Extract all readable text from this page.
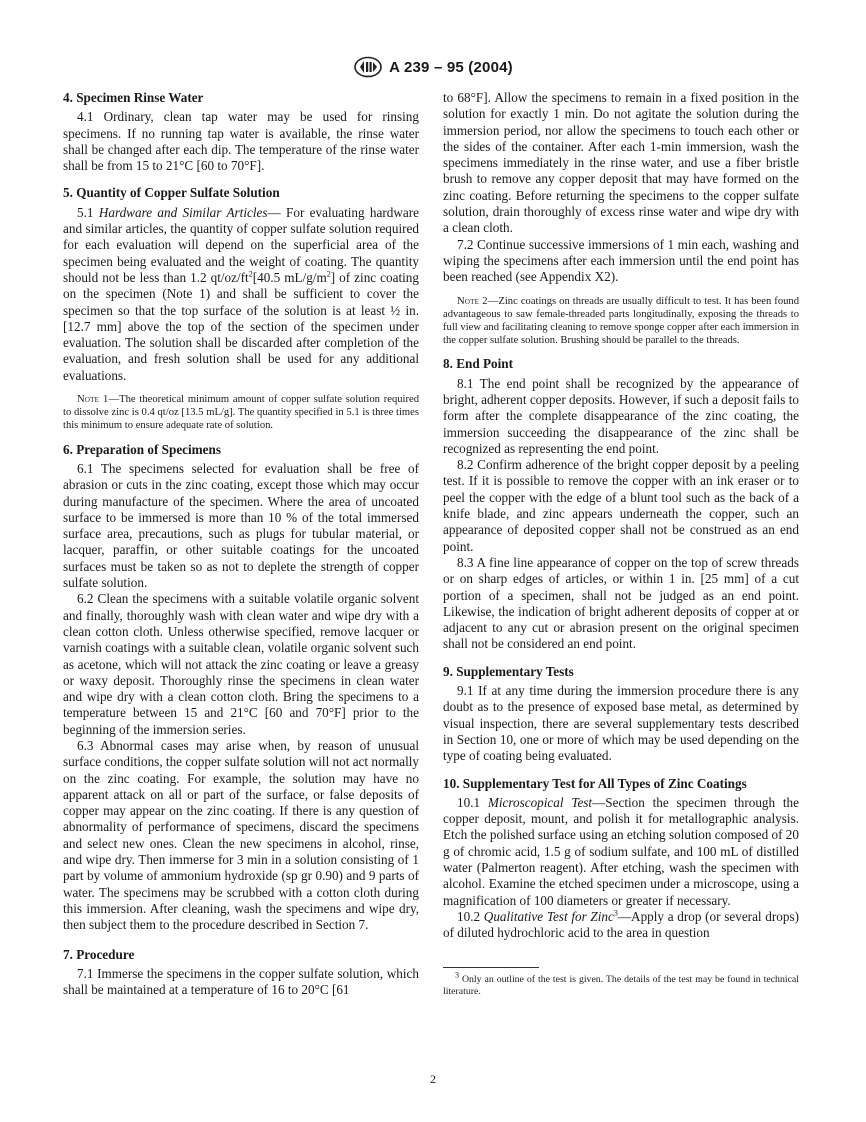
ASTM
A 239 – 95 (2004)
4. Specimen Rinse Water

4.1 Ordinary, clean tap water may be used for rinsing specimens. If no running tap water is available, the rinse water shall be changed after each dip. The temperature of the rinse water shall be from 15 to 21°C [60 to 70°F].

5. Quantity of Copper Sulfate Solution

5.1 Hardware and Similar Articles— For evaluating hardware and similar articles, the quantity of copper sulfate solution required for each evaluation will depend on the superficial area of the specimen being evaluated and the weight of coating. The quantity should not be less than 1.2 $qt/oz/ft^2[40.5$ $mL/g/m^2$] of zinc coating on the specimen (Note 1) and shall be sufficient to cover the specimen so that the top surface of the solution is at least ½ in. [12.7 mm] above the top of the section of the specimen under evaluation. The solution shall be discarded after completion of the evaluation, and fresh solution shall be used for any additional evaluations.

Note 1—The theoretical minimum amount of copper sulfate solution required to dissolve zinc is 0.4 qt/oz [13.5 mL/g]. The quantity specified in 5.1 is three times this minimum to ensure adequate rate of solution.

6. Preparation of Specimens

6.1 The specimens selected for evaluation shall be free of abrasion or cuts in the zinc coating, except those which may occur during manufacture of the specimen. Where the area of uncoated surface to be immersed is more than 10 % of the total immersed surface area, precautions, such as plugs for tubular material, or lacquer, paraffin, or other suitable coatings for the uncoated surfaces must be taken so as not to deplete the strength of copper sulfate solution.

6.2 Clean the specimens with a suitable volatile organic solvent and finally, thoroughly wash with clean water and wipe dry with a clean cotton cloth. Unless otherwise specified, remove lacquer or varnish coatings with a suitable clean, volatile organic solvent such as acetone, which will not attack the zinc coating or leave a greasy or waxy deposit. Thoroughly rinse the specimens in clean water and wipe dry with a clean cotton cloth. Bring the specimens to a temperature between 15 and 21°C [60 and 70°F] prior to the beginning of the immersion series.

6.3 Abnormal cases may arise when, by reason of unusual surface conditions, the copper sulfate solution will not act normally on the zinc coating. For example, the solution may have no apparent attack on all or part of the surface, or false deposits of copper may appear on the zinc coating. If there is any question of abnormality of performance of specimens, discard the specimens and select new ones. Clean the new specimens in alcohol, rinse, and wipe dry. Then immerse for 3 min in a solution consisting of 1 part by volume of ammonium hydroxide (sp gr 0.90) and 9 parts of water. The specimens may be scrubbed with a cotton cloth during this immersion. After cleaning, wash the specimens and wipe dry, then subject them to the procedure described in Section 7.

7. Procedure

7.1 Immerse the specimens in the copper sulfate solution, which shall be maintained at a temperature of 16 to 20°C [61

to 68°F]. Allow the specimens to remain in a fixed position in the solution for exactly 1 min. Do not agitate the solution during the immersion period, nor allow the specimens to touch each other or the sides of the container. After each 1-min immersion, wash the specimens immediately in the rinse water, and use a fiber bristle brush to remove any copper deposit that may have formed on the zinc coating. Before returning the specimens to the copper sulfate solution, drain thoroughly of excess rinse water and wipe dry with a clean cloth.

7.2 Continue successive immersions of 1 min each, washing and wiping the specimens after each immersion until the end point has been reached (see Appendix X2).

Note 2—Zinc coatings on threads are usually difficult to test. It has been found advantageous to saw female-threaded parts longitudinally, exposing the threads to full view and facilitating cleaning to remove sponge copper after each immersion in the copper sulfate solution. Brushing should be parallel to the threads.

8. End Point

8.1 The end point shall be recognized by the appearance of bright, adherent copper deposits. However, if such a deposit fails to form after the complete disappearance of the zinc coating, the immersion succeeding the disappearance of the zinc shall be recognized as representing the end point.

8.2 Confirm adherence of the bright copper deposit by a peeling test. If it is possible to remove the copper with an ink eraser or to peel the copper with the edge of a blunt tool such as the back of a knife blade, and zinc appears underneath the copper, such an appearance of deposited copper shall not be construed as an end point.

8.3 A fine line appearance of copper on the top of screw threads or on sharp edges of articles, or within 1 in. [25 mm] of a cut portion of a specimen, shall not be judged as an end point. Likewise, the indication of bright adherent deposits of copper at or adjacent to any cut or abrasion present on the original specimen shall not be considered an end point.

9. Supplementary Tests

9.1 If at any time during the immersion procedure there is any doubt as to the presence of exposed base metal, as determined by visual inspection, there are several supplementary tests described in Section 10, one or more of which may be used depending on the type of coating being evaluated.

10. Supplementary Test for All Types of Zinc Coatings

10.1 Microscopical Test—Section the specimen through the copper deposit, mount, and polish it for metallographic analysis. Etch the polished surface using an etching solution composed of 20 g of chromic acid, 1.5 g of sodium sulfate, and 100 mL of distilled water (Palmerton reagent). After etching, wash the specimen with alcohol. Examine the etched specimen under a microscope, using a magnification of 100 diameters or greater if necessary.

10.2 Qualitative Test for Zinc$^3$—Apply a drop (or several drops) of diluted hydrochloric acid to the area in question

$^3$ Only an outline of the test is given. The details of the test may be found in technical literature.

2
